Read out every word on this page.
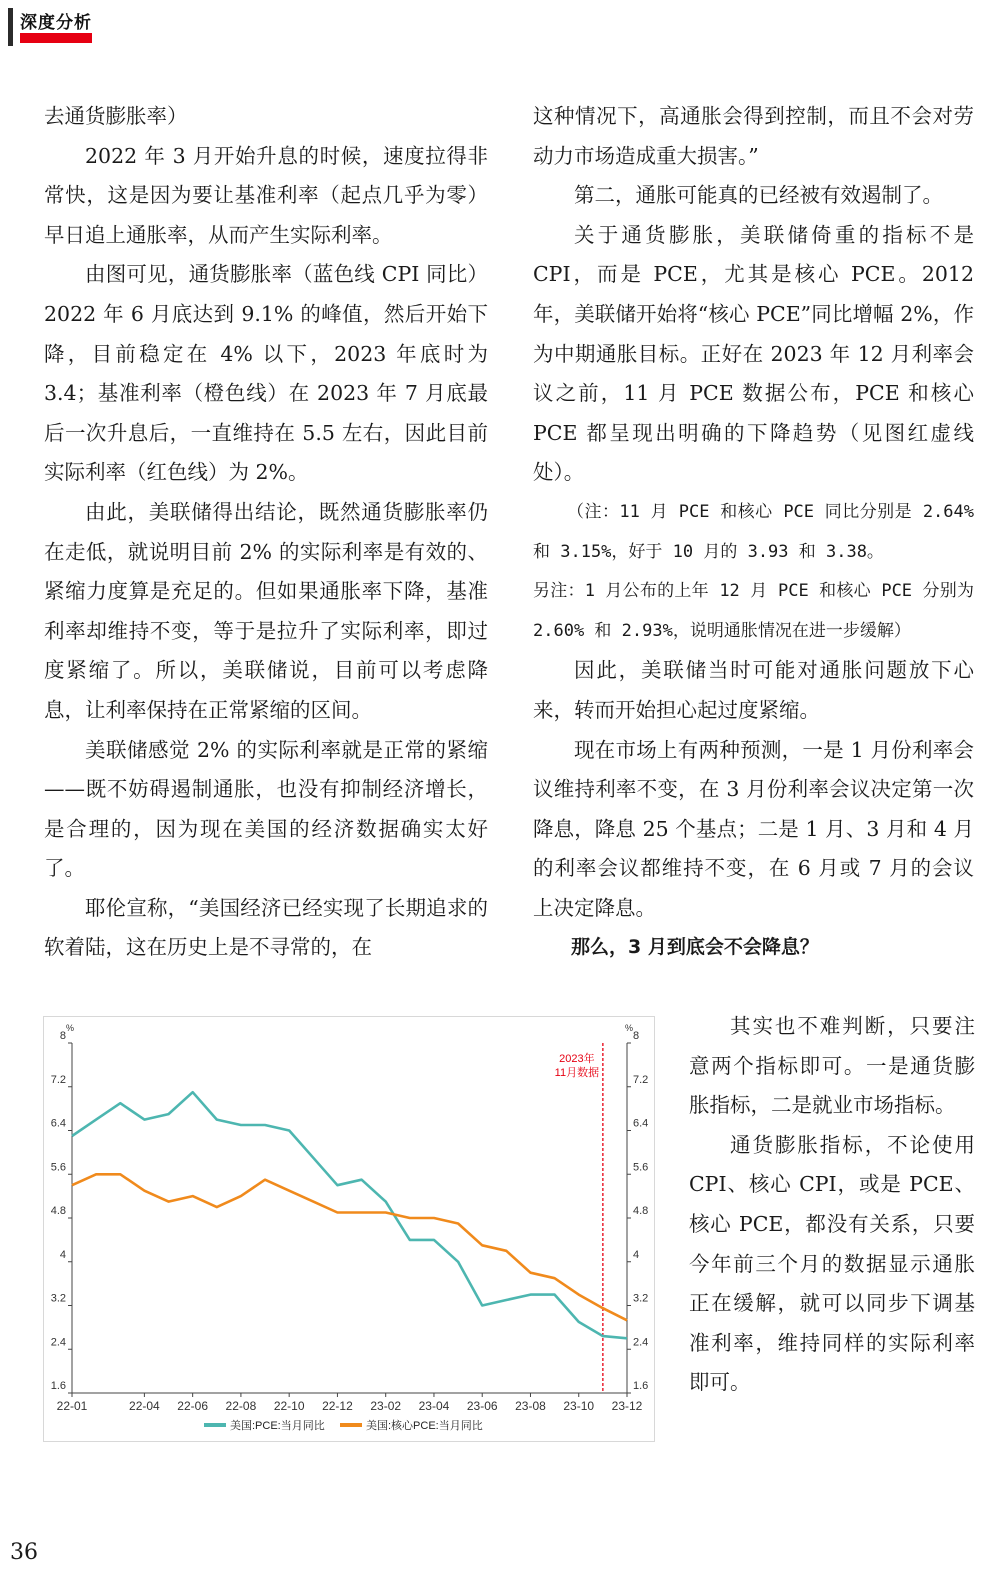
深度分析

去通货膨胀率）

2022 年 3 月开始升息的时候，速度拉得非常快，这是因为要让基准利率（起点几乎为零）早日追上通胀率，从而产生实际利率。

由图可见，通货膨胀率（蓝色线 CPI 同比）2022 年 6 月底达到 9.1% 的峰值，然后开始下降，目前稳定在 4% 以下，2023 年底时为 3.4；基准利率（橙色线）在 2023 年 7 月底最后一次升息后，一直维持在 5.5 左右，因此目前实际利率（红色线）为 2%。

由此，美联储得出结论，既然通货膨胀率仍在走低，就说明目前 2% 的实际利率是有效的、紧缩力度算是充足的。但如果通胀率下降，基准利率却维持不变，等于是拉升了实际利率，即过度紧缩了。所以，美联储说，目前可以考虑降息，让利率保持在正常紧缩的区间。

美联储感觉 2% 的实际利率就是正常的紧缩——既不妨碍遏制通胀，也没有抑制经济增长，是合理的，因为现在美国的经济数据确实太好了。

耶伦宣称，“美国经济已经实现了长期追求的软着陆，这在历史上是不寻常的，在

这种情况下，高通胀会得到控制，而且不会对劳动力市场造成重大损害。”

第二，通胀可能真的已经被有效遏制了。

关于通货膨胀，美联储倚重的指标不是 CPI，而是 PCE，尤其是核心 PCE。2012 年，美联储开始将“核心 PCE”同比增幅 2%，作为中期通胀目标。正好在 2023 年 12 月利率会议之前，11 月 PCE 数据公布，PCE 和核心 PCE 都呈现出明确的下降趋势（见图红虚线处）。

（注：11 月 PCE 和核心 PCE 同比分别是 2.64% 和 3.15%，好于 10 月的 3.93 和 3.38。

另注：1 月公布的上年 12 月 PCE 和核心 PCE 分别为 2.60% 和 2.93%，说明通胀情况在进一步缓解）

因此，美联储当时可能对通胀问题放下心来，转而开始担心起过度紧缩。

现在市场上有两种预测，一是 1 月份利率会议维持利率不变，在 3 月份利率会议决定第一次降息，降息 25 个基点；二是 1 月、3 月和 4 月的利率会议都维持不变，在 6 月或 7 月的会议上决定降息。

那么，3 月到底会不会降息？

其实也不难判断，只要注意两个指标即可。一是通货膨胀指标，二是就业市场指标。

通货膨胀指标，不论使用 CPI、核心 CPI，或是 PCE、核心 PCE，都没有关系，只要今年前三个月的数据显示通胀正在缓解，就可以同步下调基准利率，维持同样的实际利率即可。

%	%
1.6	1.6
2.4	2.4
3.2	3.2
4	4
4.8	4.8
5.6	5.6
6.4	6.4
7.2	7.2
8	8
22-01	22-04 22-06 22-08 22-10 22-12 23-02 23-04 23-06 23-08 23-10 23-12
2023年
11月数据
美国:PCE:当月同比	美国:核心PCE:当月同比
36
